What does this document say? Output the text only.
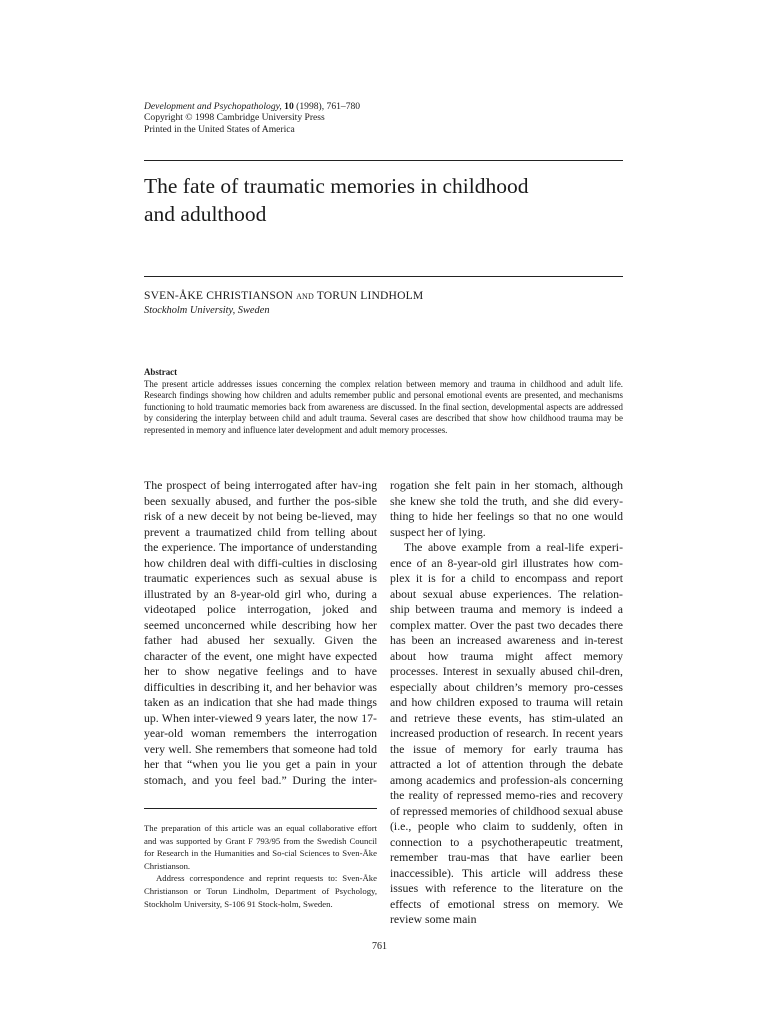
Development and Psychopathology, 10 (1998), 761–780
Copyright © 1998 Cambridge University Press
Printed in the United States of America
The fate of traumatic memories in childhood
and adulthood
SVEN-ÅKE CHRISTIANSON and TORUN LINDHOLM
Stockholm University, Sweden
Abstract
The present article addresses issues concerning the complex relation between memory and trauma in childhood and adult life. Research findings showing how children and adults remember public and personal emotional events are presented, and mechanisms functioning to hold traumatic memories back from awareness are discussed. In the final section, developmental aspects are addressed by considering the interplay between child and adult trauma. Several cases are described that show how childhood trauma may be represented in memory and influence later development and adult memory processes.

The prospect of being interrogated after hav-ing been sexually abused, and further the pos-sible risk of a new deceit by not being be-lieved, may prevent a traumatized child from telling about the experience. The importance of understanding how children deal with diffi-culties in disclosing traumatic experiences such as sexual abuse is illustrated by an 8-year-old girl who, during a videotaped police interrogation, joked and seemed unconcerned while describing how her father had abused her sexually. Given the character of the event, one might have expected her to show negative feelings and to have difficulties in describing it, and her behavior was taken as an indication that she had made things up. When inter-viewed 9 years later, the now 17-year-old woman remembers the interrogation very well. She remembers that someone had told her that “when you lie you get a pain in your stomach, and you feel bad.” During the inter-

The preparation of this article was an equal collaborative effort and was supported by Grant F 793/95 from the Swedish Council for Research in the Humanities and So-cial Sciences to Sven-Åke Christianson.

Address correspondence and reprint requests to: Sven-Åke Christianson or Torun Lindholm, Department of Psychology, Stockholm University, S-106 91 Stock-holm, Sweden.

rogation she felt pain in her stomach, although she knew she told the truth, and she did every-thing to hide her feelings so that no one would suspect her of lying.

The above example from a real-life experi-ence of an 8-year-old girl illustrates how com-plex it is for a child to encompass and report about sexual abuse experiences. The relation-ship between trauma and memory is indeed a complex matter. Over the past two decades there has been an increased awareness and in-terest about how trauma might affect memory processes. Interest in sexually abused chil-dren, especially about children’s memory pro-cesses and how children exposed to trauma will retain and retrieve these events, has stim-ulated an increased production of research. In recent years the issue of memory for early trauma has attracted a lot of attention through the debate among academics and profession-als concerning the reality of repressed memo-ries and recovery of repressed memories of childhood sexual abuse (i.e., people who claim to suddenly, often in connection to a psychotherapeutic treatment, remember trau-mas that have earlier been inaccessible). This article will address these issues with reference to the literature on the effects of emotional stress on memory. We review some main

761
